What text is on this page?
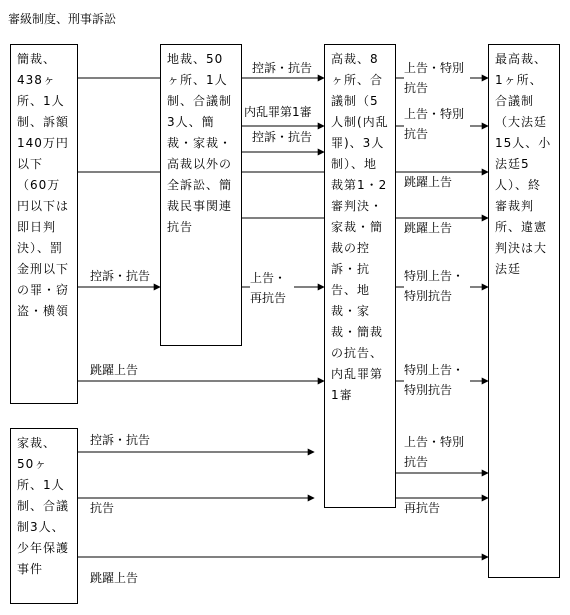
審級制度、刑事訴訟
簡裁、438ヶ所、1人制、訴額140万円以下（60万円以下は即日判決）、罰金刑以下の罪・窃盗・横領
地裁、50ヶ所、1人制、合議制3人、簡裁・家裁・高裁以外の全訴訟、簡裁民事関連抗告
高裁、8ヶ所、合議制（5人制(内乱罪)、3人制）、地裁第1・2審判決・家裁・簡裁の控訴・抗告、地裁・家裁・簡裁の抗告、内乱罪第1審
最高裁、1ヶ所、合議制（大法廷15人、小法廷5人）、終審裁判所、違憲判決は大法廷
家裁、50ヶ所、1人制、合議制3人、少年保護事件
控訴・抗告
内乱罪第1審
控訴・抗告
控訴・抗告	上告・再抗告
跳躍上告
控訴・抗告
抗告
跳躍上告
上告・特別抗告
上告・特別抗告
跳躍上告
跳躍上告
特別上告・特別抗告
特別上告・特別抗告
上告・特別抗告
再抗告
